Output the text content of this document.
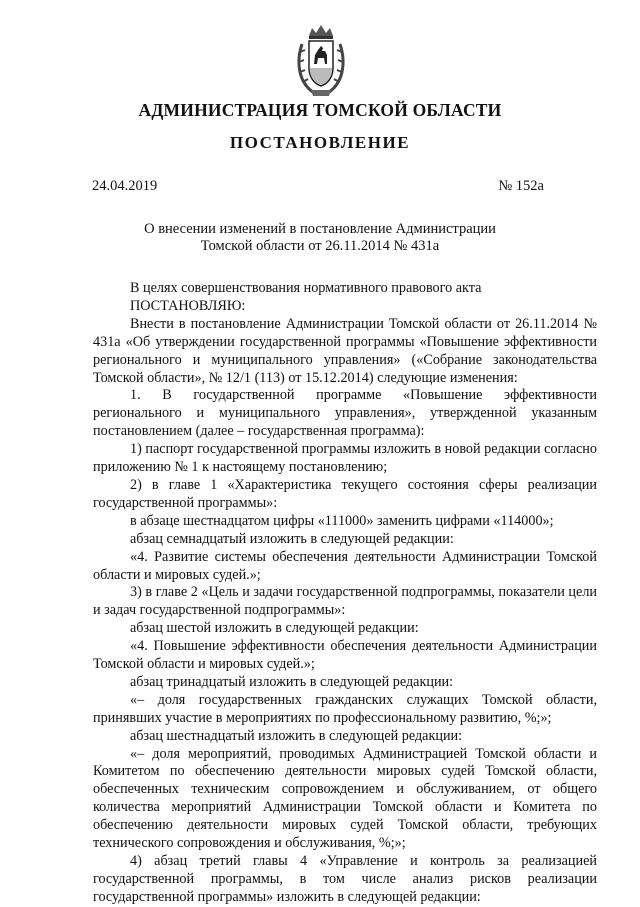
АДМИНИСТРАЦИЯ ТОМСКОЙ ОБЛАСТИ
ПОСТАНОВЛЕНИЕ
24.04.2019	№ 152а
О внесении изменений в постановление Администрации
Томской области от 26.11.2014 № 431а

В целях совершенствования нормативного правового акта

ПОСТАНОВЛЯЮ:

Внести в постановление Администрации Томской области от 26.11.2014 № 431а «Об утверждении государственной программы «Повышение эффективности регионального и муниципального управления» («Собрание законодательства Томской области», № 12/1 (113) от 15.12.2014) следующие изменения:

1. В государственной программе «Повышение эффективности регионального и муниципального управления», утвержденной указанным постановлением (далее – государственная программа):

1) паспорт государственной программы изложить в новой редакции согласно приложению № 1 к настоящему постановлению;

2) в главе 1 «Характеристика текущего состояния сферы реализации государственной программы»:

в абзаце шестнадцатом цифры «111000» заменить цифрами «114000»;

абзац семнадцатый изложить в следующей редакции:

«4. Развитие системы обеспечения деятельности Администрации Томской области и мировых судей.»;

3) в главе 2 «Цель и задачи государственной подпрограммы, показатели цели и задач государственной подпрограммы»:

абзац шестой изложить в следующей редакции:

«4. Повышение эффективности обеспечения деятельности Администрации Томской области и мировых судей.»;

абзац тринадцатый изложить в следующей редакции:

«– доля государственных гражданских служащих Томской области, принявших участие в мероприятиях по профессиональному развитию, %;»;

абзац шестнадцатый изложить в следующей редакции:

«– доля мероприятий, проводимых Администрацией Томской области и Комитетом по обеспечению деятельности мировых судей Томской области, обеспеченных техническим сопровождением и обслуживанием, от общего количества мероприятий Администрации Томской области и Комитета по обеспечению деятельности мировых судей Томской области, требующих технического сопровождения и обслуживания, %;»;

4) абзац третий главы 4 «Управление и контроль за реализацией государственной программы, в том числе анализ рисков реализации государственной программы» изложить в следующей редакции:
